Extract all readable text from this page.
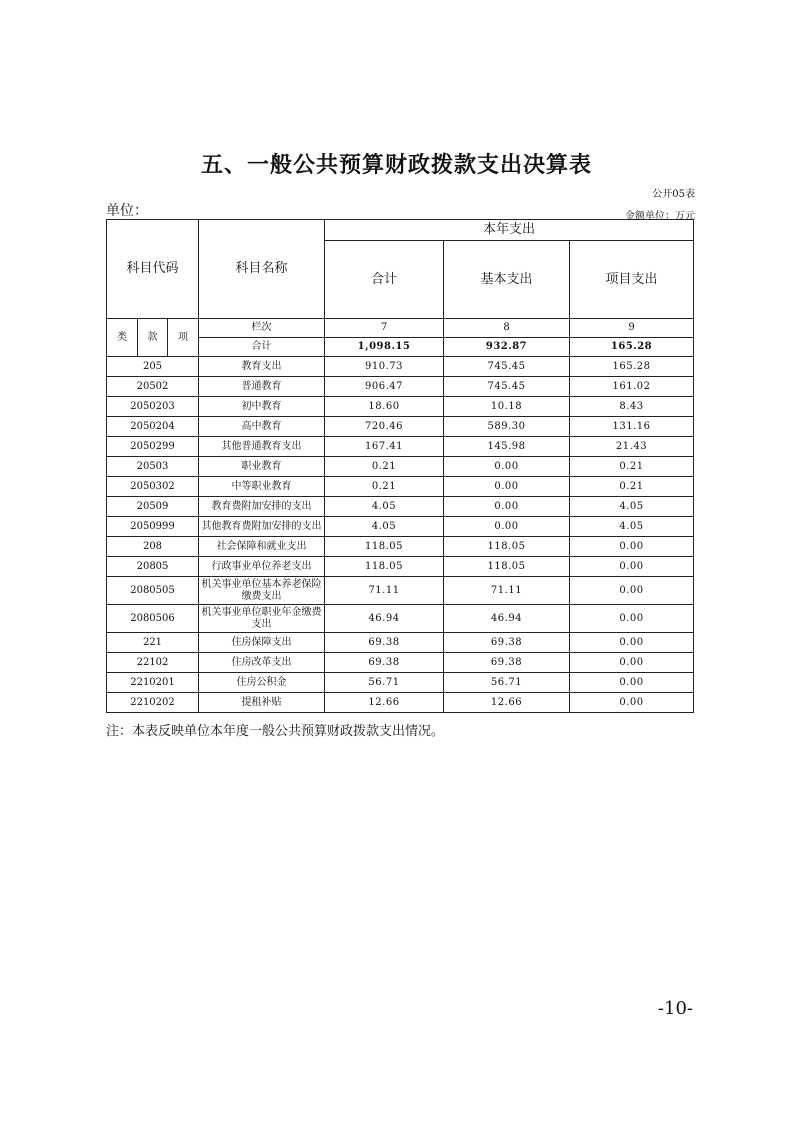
五、一般公共预算财政拨款支出决算表
公开05表
单位：	金额单位：万元
科目代码			科目名称	本年支出		
				合计	基本支出	项目支出
类	款	项	栏次	7	8	9
			合计	1,098.15	932.87	165.28
205			教育支出	910.73	745.45	165.28
20502			普通教育	906.47	745.45	161.02
2050203			初中教育	18.60	10.18	8.43
2050204			高中教育	720.46	589.30	131.16
2050299			其他普通教育支出	167.41	145.98	21.43
20503			职业教育	0.21	0.00	0.21
2050302			中等职业教育	0.21	0.00	0.21
20509			教育费附加安排的支出	4.05	0.00	4.05
2050999			其他教育费附加安排的支出	4.05	0.00	4.05
208			社会保障和就业支出	118.05	118.05	0.00
20805			行政事业单位养老支出	118.05	118.05	0.00
2080505			机关事业单位基本养老保险缴费支出	71.11	71.11	0.00
2080506			机关事业单位职业年金缴费支出	46.94	46.94	0.00
221			住房保障支出	69.38	69.38	0.00
22102			住房改革支出	69.38	69.38	0.00
2210201			住房公积金	56.71	56.71	0.00
2210202			提租补贴	12.66	12.66	0.00
注：本表反映单位本年度一般公共预算财政拨款支出情况。
-10-
